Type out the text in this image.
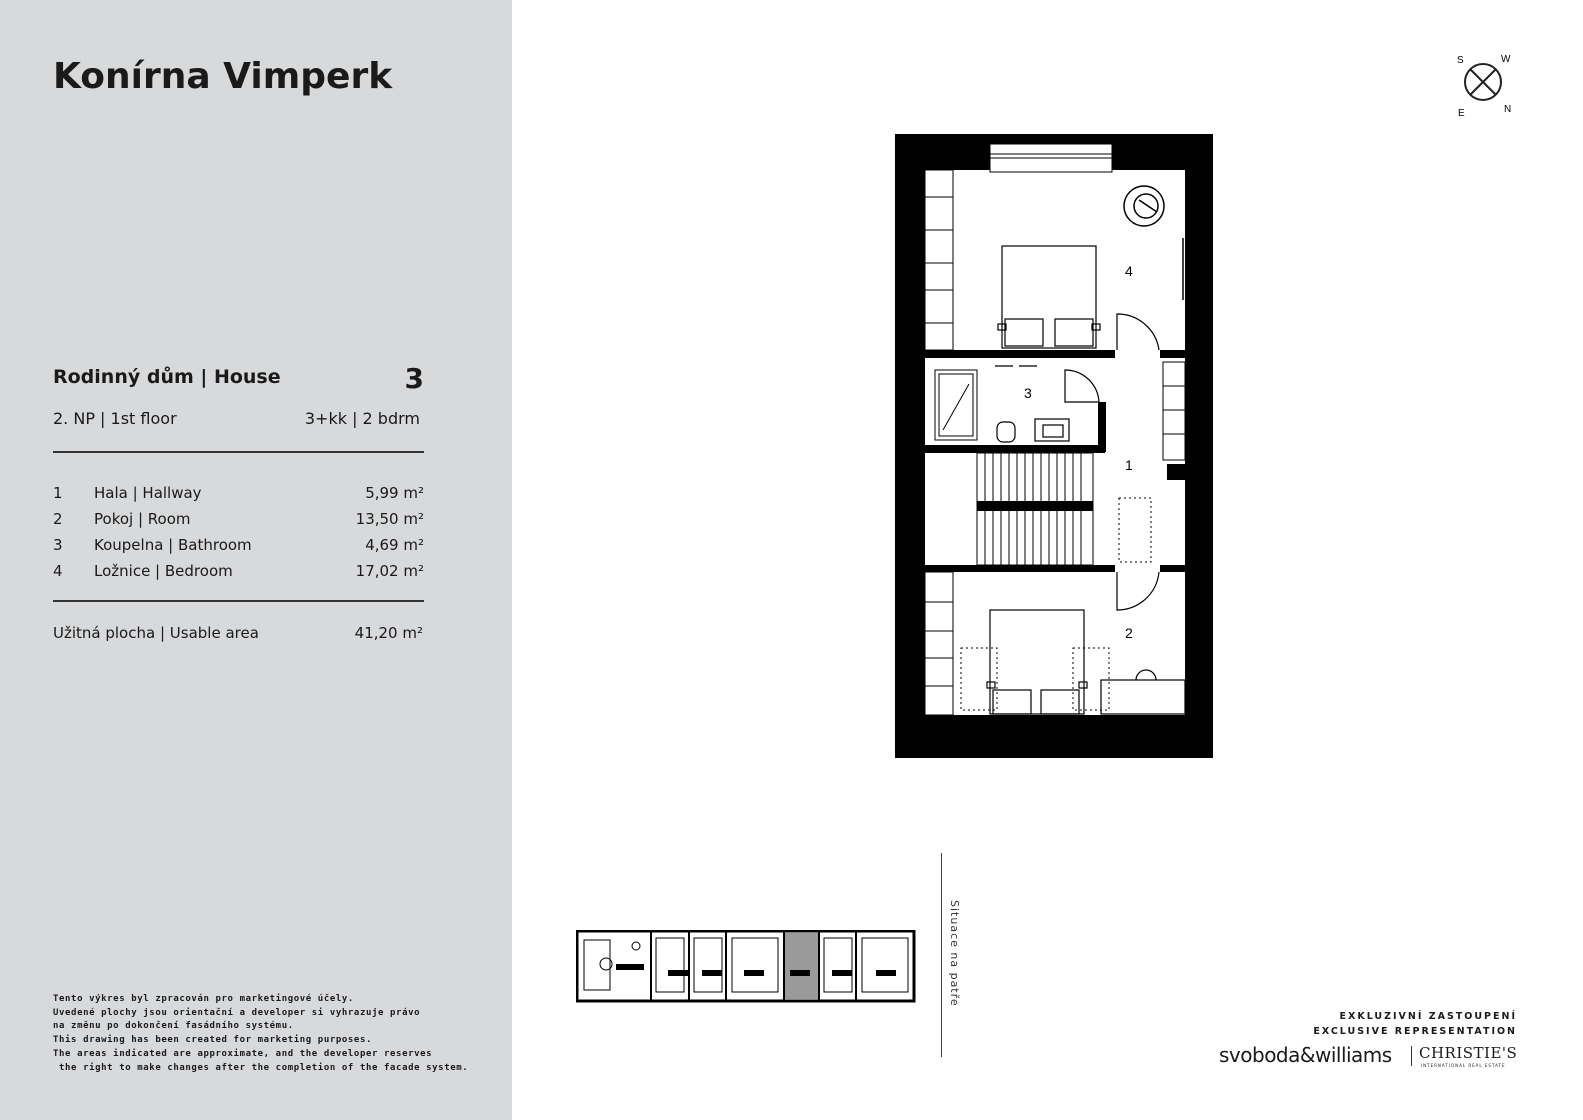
Konírna Vimperk
Rodinný dům | House	3
2. NP | 1st floor	3+kk | 2 bdrm
1 Hala | Hallway	5,99 m²
2 Pokoj | Room	13,50 m²
3 Koupelna | Bathroom	4,69 m²
4 Ložnice | Bedroom	17,02 m²
Užitná plocha | Usable area	41,20 m²
Tento výkres byl zpracován pro marketingové účely.
Uvedené plochy jsou orientační a developer si vyhrazuje právo
na změnu po dokončení fasádního systému.
This drawing has been created for marketing purposes.
The areas indicated are approximate, and the developer reserves
the right to make changes after the completion of the facade system.
S	W
E	N
4
3
1
2
Situace na patře
EXKLUZIVNÍ ZASTOUPENÍ
EXCLUSIVE REPRESENTATION
svoboda&williams CHRISTIE'S
INTERNATIONAL REAL ESTATE
